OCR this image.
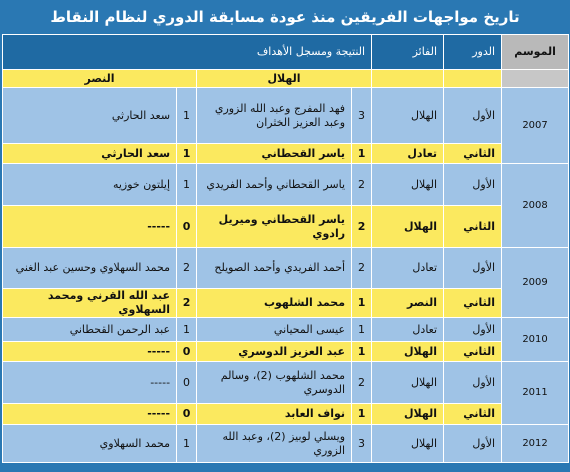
تاريخ مواجهات الفريقين منذ عودة مسابقة الدوري لنظام النقاط
الموسم	الدور	الفائز	النتيجة ومسجل الأهداف			
			الهلال		النصر	
2007	الأول	الهلال	3	فهد المفرج وعبد الله الزوري وعبد العزيز الخثران	1	سعد الحارثي
	الثاني	تعادل	1	ياسر القحطاني	1	سعد الحارثي
2008	الأول	الهلال	2	ياسر القحطاني وأحمد الفريدي	1	إيلتون خوزيه
	الثاني	الهلال	2	ياسر القحطاني وميريل رادوي	0	-----
2009	الأول	تعادل	2	أحمد الفريدي وأحمد الصويلح	2	محمد السهلاوي وحسين عبد الغني
	الثاني	النصر	1	محمد الشلهوب	2	عبد الله القرني ومحمد السهلاوي
2010	الأول	تعادل	1	عيسى المحياني	1	عبد الرحمن القحطاني
	الثاني	الهلال	1	عبد العزيز الدوسري	0	-----
2011	الأول	الهلال	2	محمد الشلهوب (2)، وسالم الدوسري	0	-----
	الثاني	الهلال	1	نواف العابد	0	-----
2012	الأول	الهلال	3	ويسلي لوبيز (2)، وعبد الله الزوري	1	محمد السهلاوي
